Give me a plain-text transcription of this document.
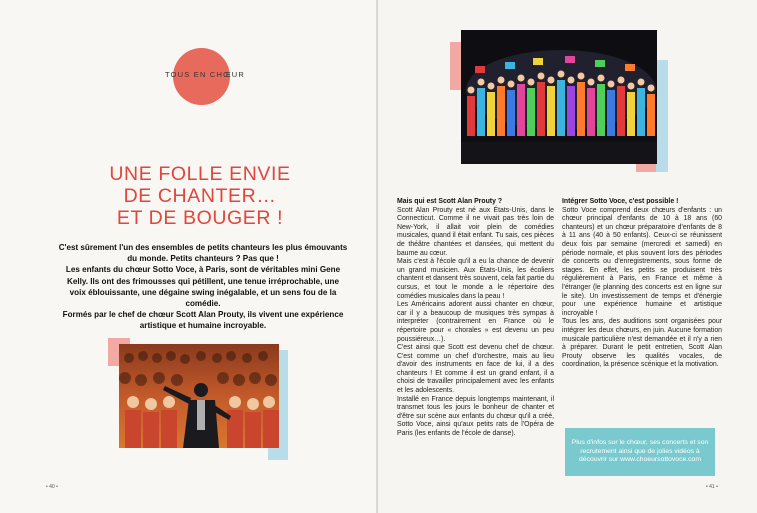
TOUS EN CHŒUR
UNE FOLLE ENVIE
DE CHANTER…
ET DE BOUGER !

C'est sûrement l'un des ensembles de petits chanteurs les plus émouvants du monde. Petits chanteurs ? Pas que !

Les enfants du chœur Sotto Voce, à Paris, sont de véritables mini Gene Kelly. Ils ont des frimousses qui pétillent, une tenue irréprochable, une voix éblouissante, une dégaine swing inégalable, et un sens fou de la comédie.

Formés par le chef de chœur Scott Alan Prouty, ils vivent une expérience artistique et humaine incroyable.

• 40 •

Mais qui est Scott Alan Prouty ?

Scott Alan Prouty est né aux États-Unis, dans le Connecticut. Comme il ne vivait pas très loin de New-York, il allait voir plein de comédies musicales, quand il était enfant. Tu sais, ces pièces de théâtre chantées et dansées, qui mettent du baume au cœur.

Mais c'est à l'école qu'il a eu la chance de devenir un grand musicien. Aux États-Unis, les écoliers chantent et dansent très souvent, cela fait partie du cursus, et tout le monde a le répertoire des comédies musicales dans la peau !

Les Américains adorent aussi chanter en chœur, car il y a beaucoup de musiques très sympas à interpréter (contrairement en France où le répertoire pour « chorales » est devenu un peu poussiéreux…).

C'est ainsi que Scott est devenu chef de chœur. C'est comme un chef d'orchestre, mais au lieu d'avoir des instruments en face de lui, il a des chanteurs ! Et comme il est un grand enfant, il a choisi de travailler principalement avec les enfants et les adolescents.

Installé en France depuis longtemps maintenant, il transmet tous les jours le bonheur de chanter et d'être sur scène aux enfants du chœur qu'il a créé, Sotto Voce, ainsi qu'aux petits rats de l'Opéra de Paris (les enfants de l'école de danse).

Intégrer Sotto Voce, c'est possible !

Sotto Voce comprend deux chœurs d'enfants : un chœur principal d'enfants de 10 à 18 ans (60 chanteurs) et un chœur préparatoire d'enfants de 8 à 11 ans (40 à 50 enfants). Ceux-ci se réunissent deux fois par semaine (mercredi et samedi) en période normale, et plus souvent lors des périodes de concerts ou d'enregistrements, sous forme de stages. En effet, les petits se produisent très régulièrement à Paris, en France et même à l'étranger (le planning des concerts est en ligne sur le site). Un investissement de temps et d'énergie pour une expérience humaine et artistique incroyable !

Tous les ans, des auditions sont organisées pour intégrer les deux chœurs, en juin. Aucune formation musicale particulière n'est demandée et il n'y a rien à préparer. Durant le petit entretien, Scott Alan Prouty observe les qualités vocales, de coordination, la présence scénique et la motivation.

• 41 •
Plus d'infos sur le chœur, ses concerts et son recrutement ainsi que de jolies vidéos à découvrir sur www.choeursottovoce.com
